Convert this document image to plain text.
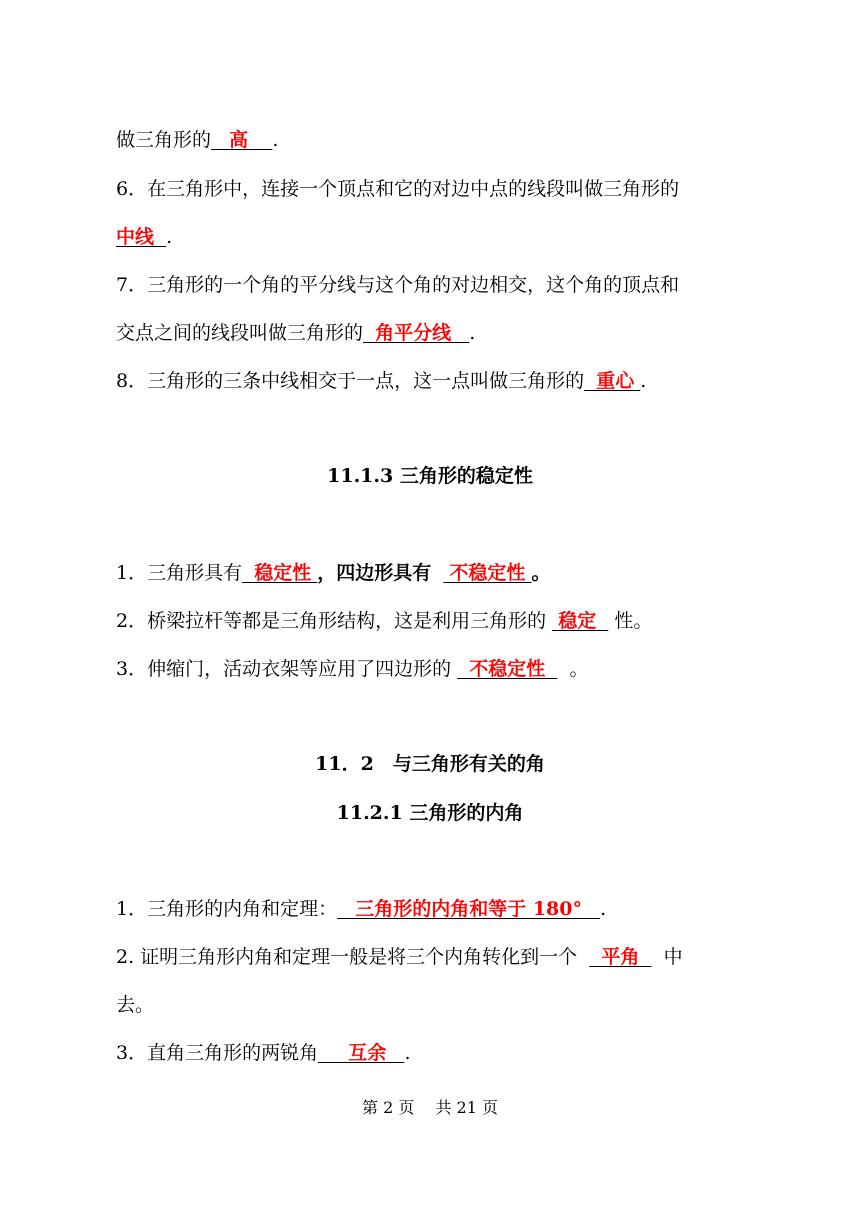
做三角形的 高 .
6．在三角形中，连接一个顶点和它的对边中点的线段叫做三角形的
中线 .
7．三角形的一个角的平分线与这个角的对边相交，这个角的顶点和
交点之间的线段叫做三角形的 角平分线 .
8．三角形的三条中线相交于一点，这一点叫做三角形的 重心 .
11.1.3 三角形的稳定性
1．三角形具有 稳定性 ，四边形具有 不稳定性 。
2．桥梁拉杆等都是三角形结构，这是利用三角形的 稳定 性。
3．伸缩门，活动衣架等应用了四边形的 不稳定性 。
11．2　与三角形有关的角
11.2.1 三角形的内角
1．三角形的内角和定理： 三角形的内角和等于 180° .
2. 证明三角形内角和定理一般是将三个内角转化到一个 平角 中
去。
3．直角三角形的两锐角 互余 .
第 2 页　 共 21 页
